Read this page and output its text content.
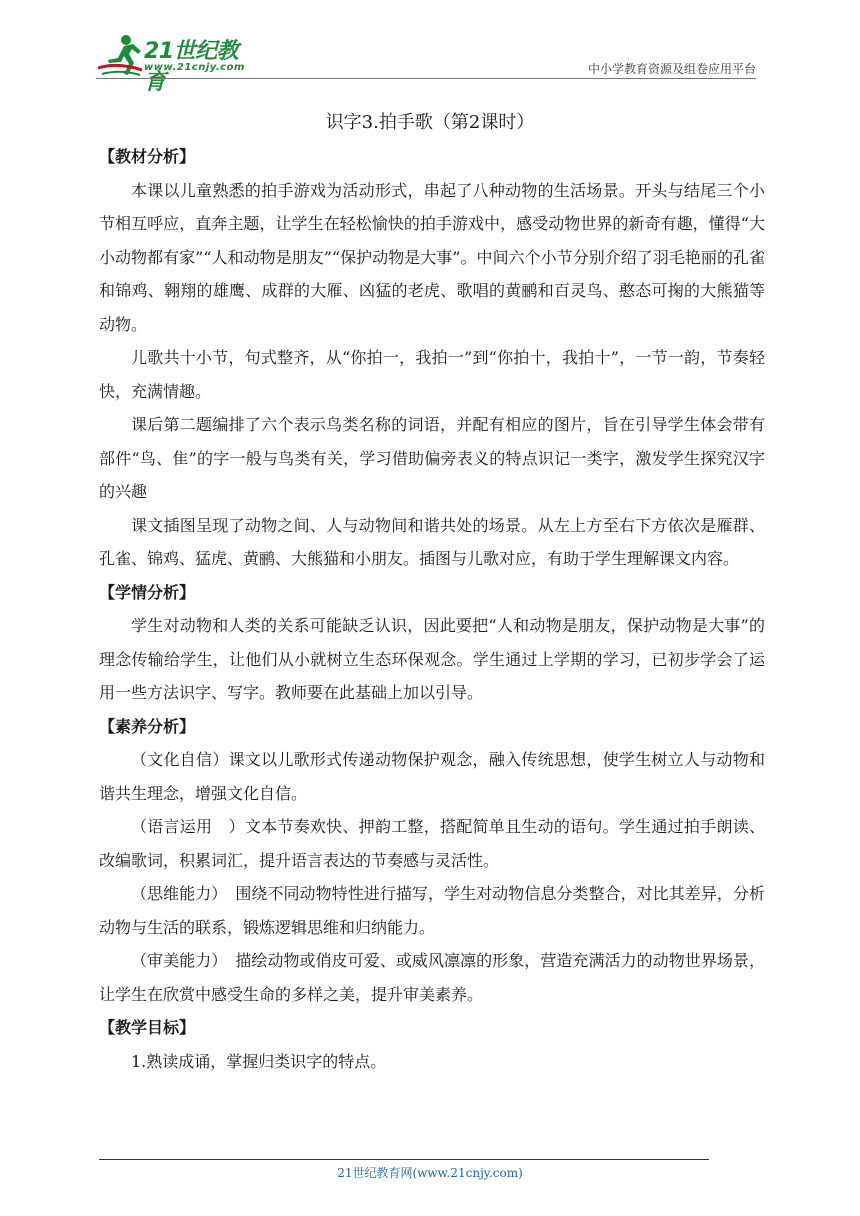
21世纪教育
www.21cnjy.com	中小学教育资源及组卷应用平台
识字3.拍手歌（第2课时）

【教材分析】

本课以儿童熟悉的拍手游戏为活动形式，串起了八种动物的生活场景。开头与结尾三个小节相互呼应，直奔主题，让学生在轻松愉快的拍手游戏中，感受动物世界的新奇有趣，懂得“大小动物都有家”“人和动物是朋友”“保护动物是大事”。中间六个小节分别介绍了羽毛艳丽的孔雀和锦鸡、翱翔的雄鹰、成群的大雁、凶猛的老虎、歌唱的黄鹂和百灵鸟、憨态可掬的大熊猫等动物。

儿歌共十小节，句式整齐，从“你拍一，我拍一”到“你拍十，我拍十”，一节一韵，节奏轻快，充满情趣。

课后第二题编排了六个表示鸟类名称的词语，并配有相应的图片，旨在引导学生体会带有部件“鸟、隹”的字一般与鸟类有关，学习借助偏旁表义的特点识记一类字，激发学生探究汉字的兴趣

课文插图呈现了动物之间、人与动物间和谐共处的场景。从左上方至右下方依次是雁群、孔雀、锦鸡、猛虎、黄鹂、大熊猫和小朋友。插图与儿歌对应，有助于学生理解课文内容。

【学情分析】

学生对动物和人类的关系可能缺乏认识，因此要把“人和动物是朋友，保护动物是大事”的理念传输给学生，让他们从小就树立生态环保观念。学生通过上学期的学习，已初步学会了运用一些方法识字、写字。教师要在此基础上加以引导。

【素养分析】

（文化自信）课文以儿歌形式传递动物保护观念，融入传统思想，使学生树立人与动物和谐共生理念，增强文化自信。

（语言运用　）文本节奏欢快、押韵工整，搭配简单且生动的语句。学生通过拍手朗读、改编歌词，积累词汇，提升语言表达的节奏感与灵活性。

（思维能力）　围绕不同动物特性进行描写，学生对动物信息分类整合，对比其差异，分析动物与生活的联系，锻炼逻辑思维和归纳能力。

（审美能力）　描绘动物或俏皮可爱、或威风凛凛的形象，营造充满活力的动物世界场景，让学生在欣赏中感受生命的多样之美，提升审美素养。

【教学目标】

1.熟读成诵，掌握归类识字的特点。

21世纪教育网(www.21cnjy.com)
